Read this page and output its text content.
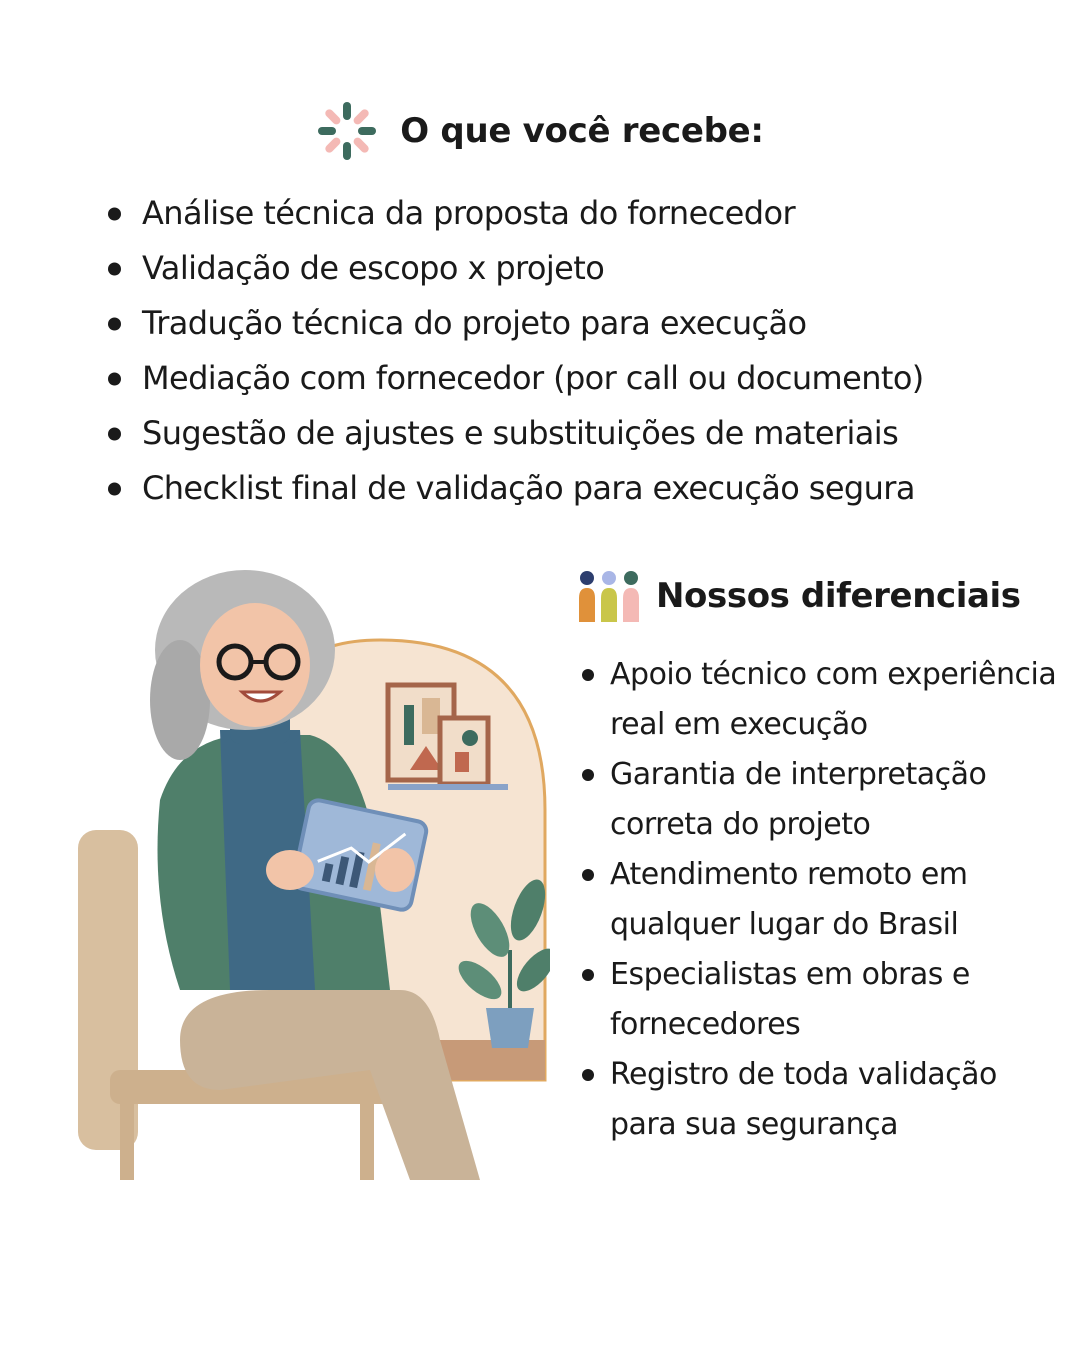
O que você recebe:
Análise técnica da proposta do fornecedor
Validação de escopo x projeto
Tradução técnica do projeto para execução
Mediação com fornecedor (por call ou documento)
Sugestão de ajustes e substituições de materiais
Checklist final de validação para execução segura
Nossos diferenciais
Apoio técnico com experiência real em execução
Garantia de interpretação correta do projeto
Atendimento remoto em qualquer lugar do Brasil
Especialistas em obras e fornecedores
Registro de toda validação para sua segurança
